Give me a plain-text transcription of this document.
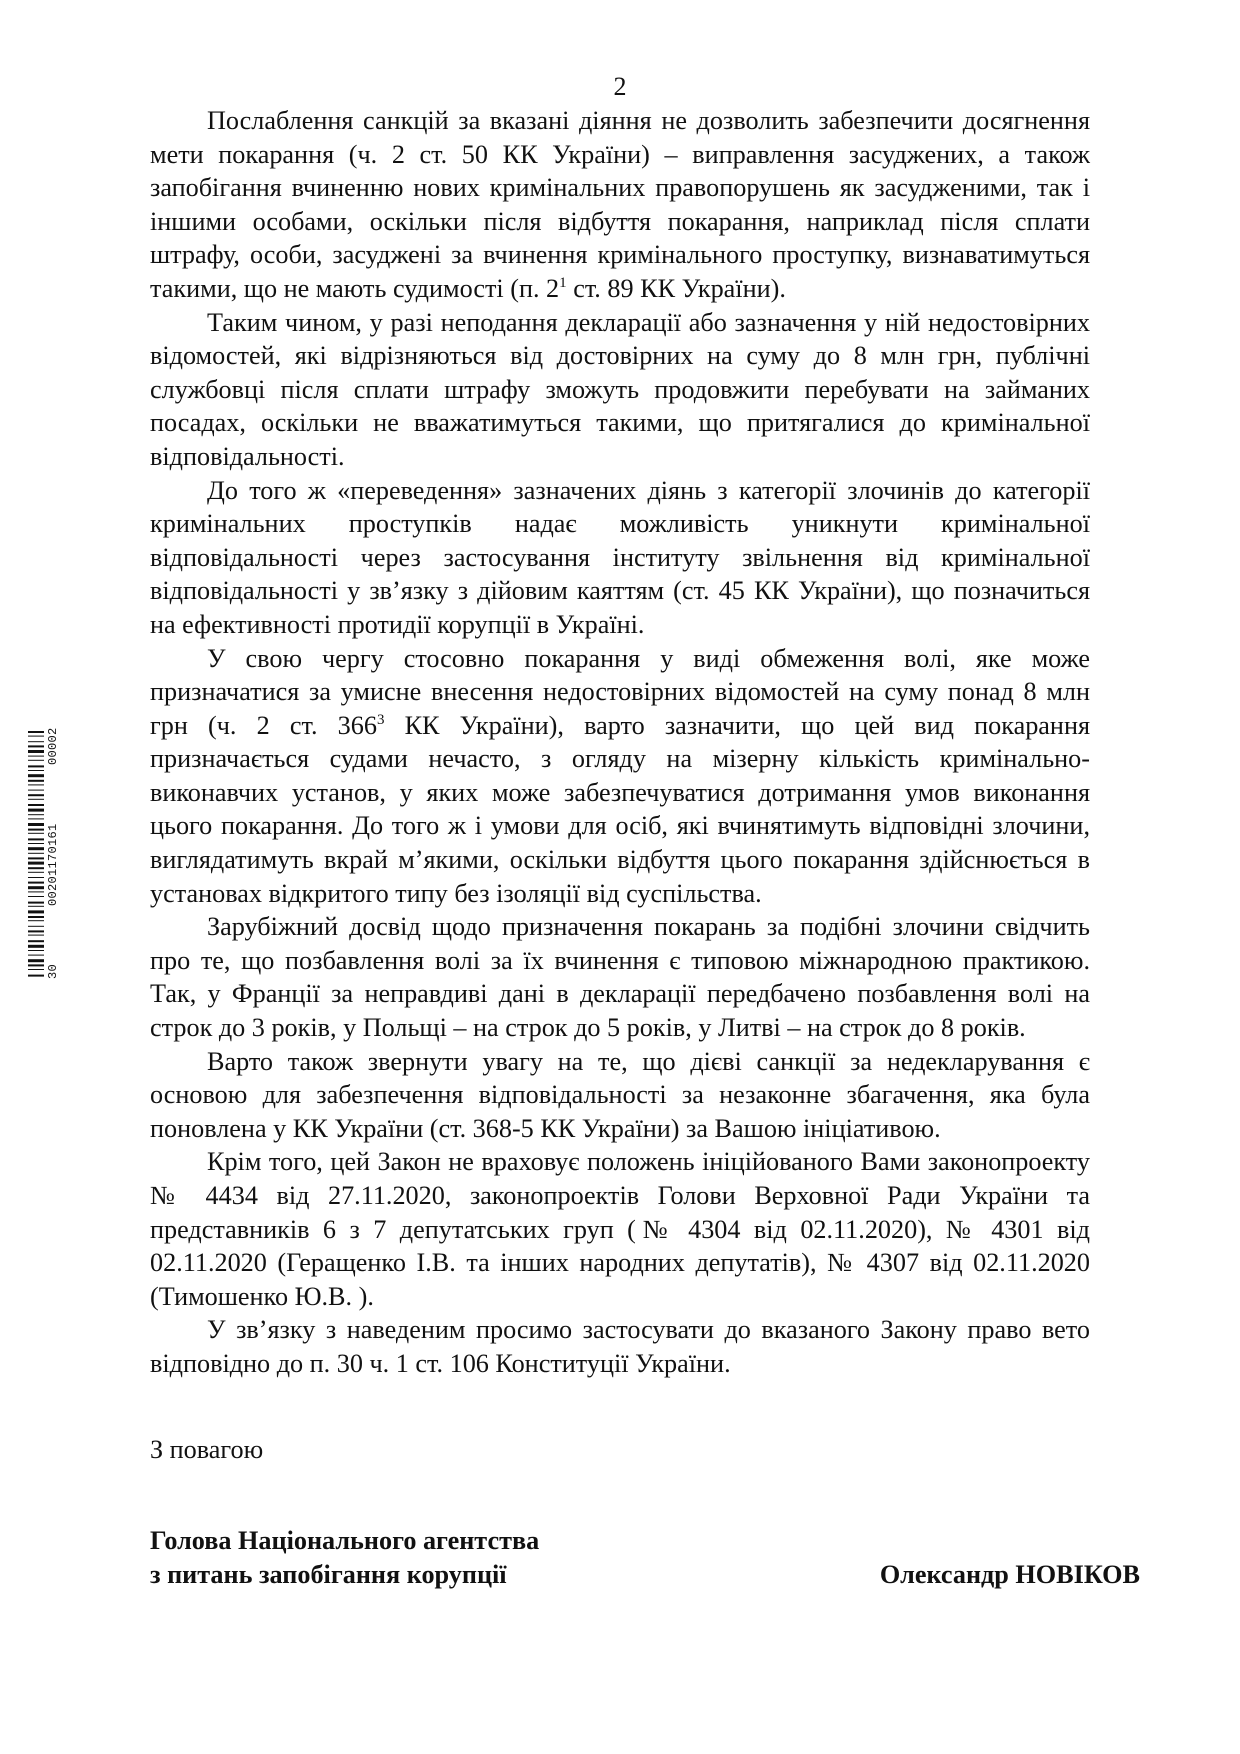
2

Послаблення санкцій за вказані діяння не дозволить забезпечити досягнення мети покарання (ч. 2 ст. 50 КК України) – виправлення засуджених, а також запобігання вчиненню нових кримінальних правопорушень як засудженими, так і іншими особами, оскільки після відбуття покарання, наприклад після сплати штрафу, особи, засуджені за вчинення кримінального проступку, визнаватимуться такими, що не мають судимості (п. $2^1$ ст. 89 КК України).

Таким чином, у разі неподання декларації або зазначення у ній недостовірних відомостей, які відрізняються від достовірних на суму до 8 млн грн, публічні службовці після сплати штрафу зможуть продовжити перебувати на займаних посадах, оскільки не вважатимуться такими, що притягалися до кримінальної відповідальності.

До того ж «переведення» зазначених діянь з категорії злочинів до категорії кримінальних проступків надає можливість уникнути кримінальної відповідальності через застосування інституту звільнення від кримінальної відповідальності у зв’язку з дійовим каяттям (ст. 45 КК України), що позначиться на ефективності протидії корупції в Україні.

У свою чергу стосовно покарання у виді обмеження волі, яке може призначатися за умисне внесення недостовірних відомостей на суму понад 8 млн грн (ч. 2 ст. $366^3$ КК України), варто зазначити, що цей вид покарання призначається судами нечасто, з огляду на мізерну кількість кримінально-виконавчих установ, у яких може забезпечуватися дотримання умов виконання цього покарання. До того ж і умови для осіб, які вчинятимуть відповідні злочини, виглядатимуть вкрай м’якими, оскільки відбуття цього покарання здійснюється в установах відкритого типу без ізоляції від суспільства.

Зарубіжний досвід щодо призначення покарань за подібні злочини свідчить про те, що позбавлення волі за їх вчинення є типовою міжнародною практикою. Так, у Франції за неправдиві дані в декларації передбачено позбавлення волі на строк до 3 років, у Польщі – на строк до 5 років, у Литві – на строк до 8 років.

Варто також звернути увагу на те, що дієві санкції за недекларування є основою для забезпечення відповідальності за незаконне збагачення, яка була поновлена у КК України (ст. 368-5 КК України) за Вашою ініціативою.

Крім того, цей Закон не враховує положень ініційованого Вами законопроекту № 4434 від 27.11.2020, законопроектів Голови Верховної Ради України та представників 6 з 7 депутатських груп (№ 4304 від 02.11.2020), № 4301 від 02.11.2020 (Геращенко І.В. та інших народних депутатів), № 4307 від 02.11.2020 (Тимошенко Ю.В. ).

У зв’язку з наведеним просимо застосувати до вказаного Закону право вето відповідно до п. 30 ч. 1 ст. 106 Конституції України.

З повагою
Голова Національного агентства
з питань запобігання корупції	Олександр НОВІКОВ
30
00201170161
00002
